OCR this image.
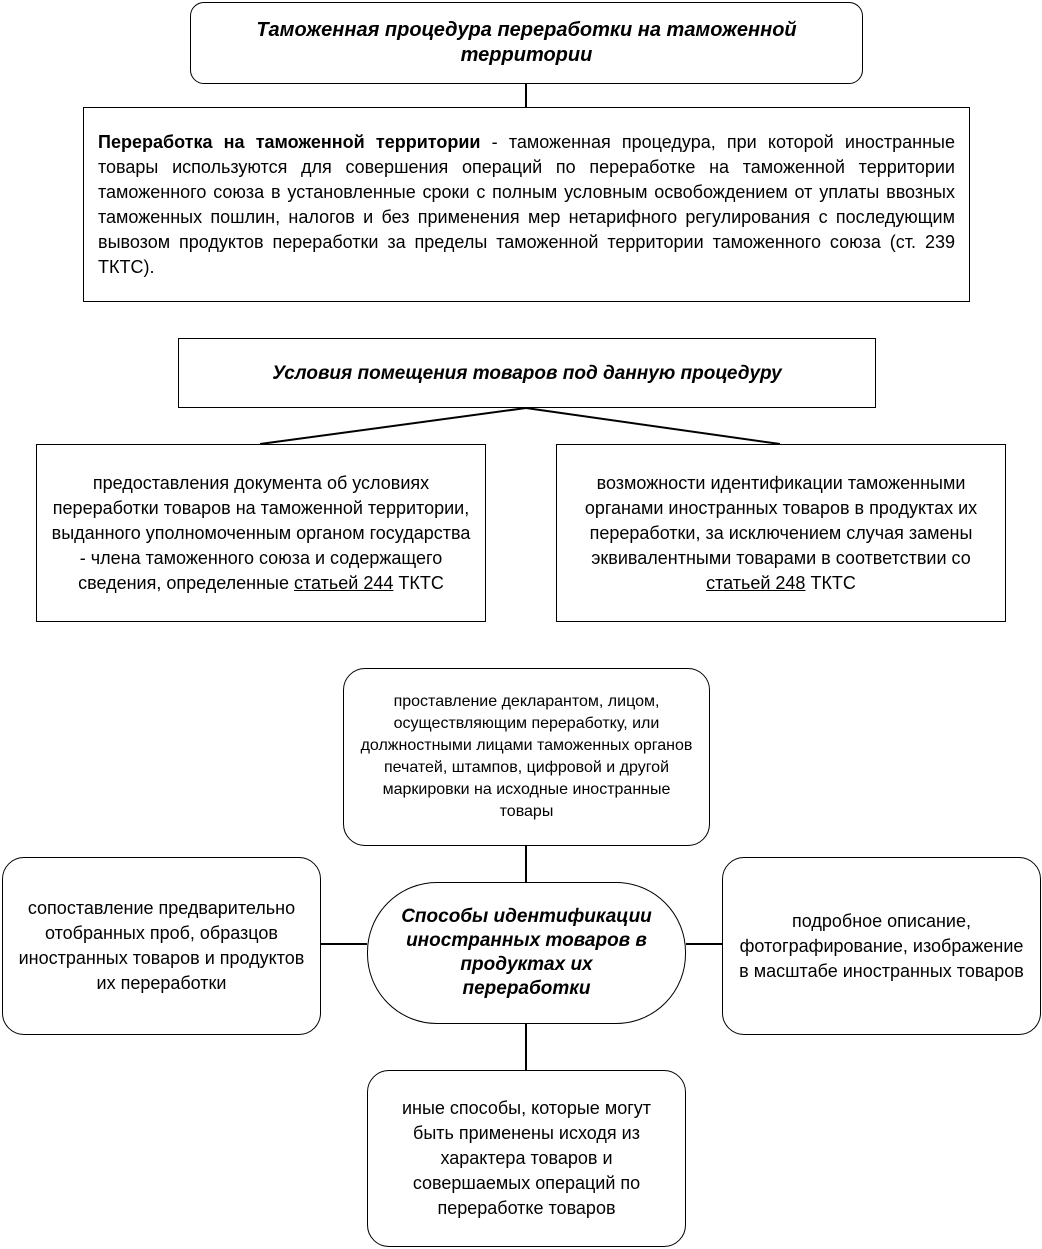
Таможенная процедура переработки на таможенной территории
Переработка на таможенной территории - таможенная процедура, при которой иностранные товары используются для совершения операций по переработке на таможенной территории таможенного союза в установленные сроки с полным условным освобождением от уплаты ввозных таможенных пошлин, налогов и без применения мер нетарифного регулирования с последующим вывозом продуктов переработки за пределы таможенной территории таможенного союза (ст. 239 ТКТС).
Условия помещения товаров под данную процедуру
предоставления документа об условиях переработки товаров на таможенной территории, выданного уполномоченным органом государства - члена таможенного союза и содержащего сведения, определенные статьей 244 ТКТС
возможности идентификации таможенными органами иностранных товаров в продуктах их переработки, за исключением случая замены эквивалентными товарами в соответствии со статьей 248 ТКТС
проставление декларантом, лицом, осуществляющим переработку, или должностными лицами таможенных органов печатей, штампов, цифровой и другой маркировки на исходные иностранные товары
сопоставление предварительно отобранных проб, образцов иностранных товаров и продуктов их переработки
Способы идентификации иностранных товаров в продуктах их переработки
подробное описание, фотографирование, изображение в масштабе иностранных товаров
иные способы, которые могут быть применены исходя из характера товаров и совершаемых операций по переработке товаров
